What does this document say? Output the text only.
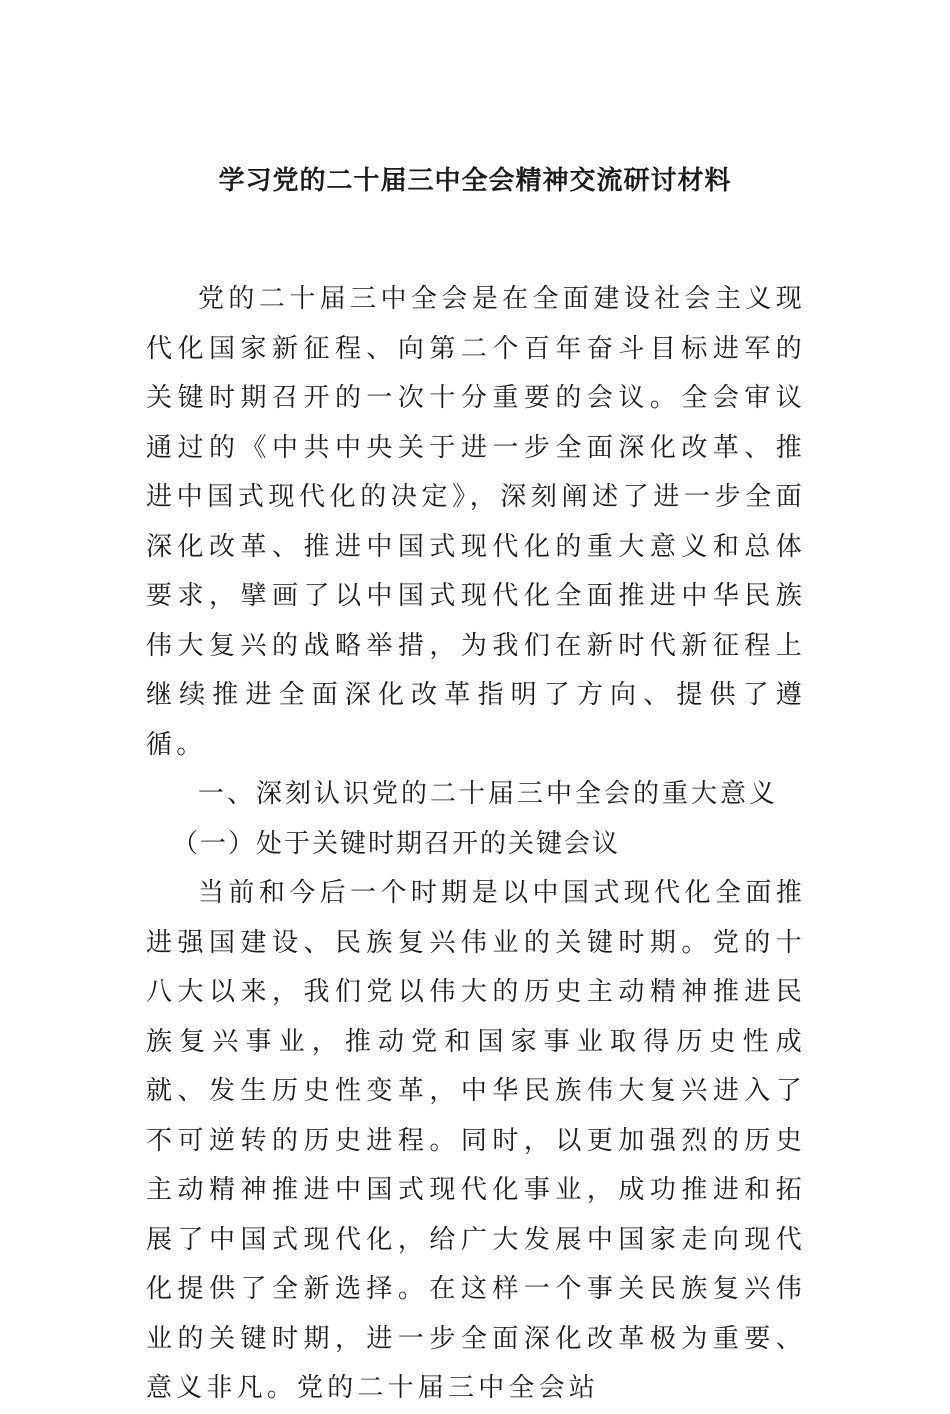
学习党的二十届三中全会精神交流研讨材料

党的二十届三中全会是在全面建设社会主义现代化国家新征程、向第二个百年奋斗目标进军的关键时期召开的一次十分重要的会议。全会审议通过的《中共中央关于进一步全面深化改革、推进中国式现代化的决定》，深刻阐述了进一步全面深化改革、推进中国式现代化的重大意义和总体要求，擘画了以中国式现代化全面推进中华民族伟大复兴的战略举措，为我们在新时代新征程上继续推进全面深化改革指明了方向、提供了遵循。

一、深刻认识党的二十届三中全会的重大意义

（一）处于关键时期召开的关键会议

当前和今后一个时期是以中国式现代化全面推进强国建设、民族复兴伟业的关键时期。党的十八大以来，我们党以伟大的历史主动精神推进民族复兴事业，推动党和国家事业取得历史性成就、发生历史性变革，中华民族伟大复兴进入了不可逆转的历史进程。同时，以更加强烈的历史主动精神推进中国式现代化事业，成功推进和拓展了中国式现代化，给广大发展中国家走向现代化提供了全新选择。在这样一个事关民族复兴伟业的关键时期，进一步全面深化改革极为重要、意义非凡。党的二十届三中全会站
